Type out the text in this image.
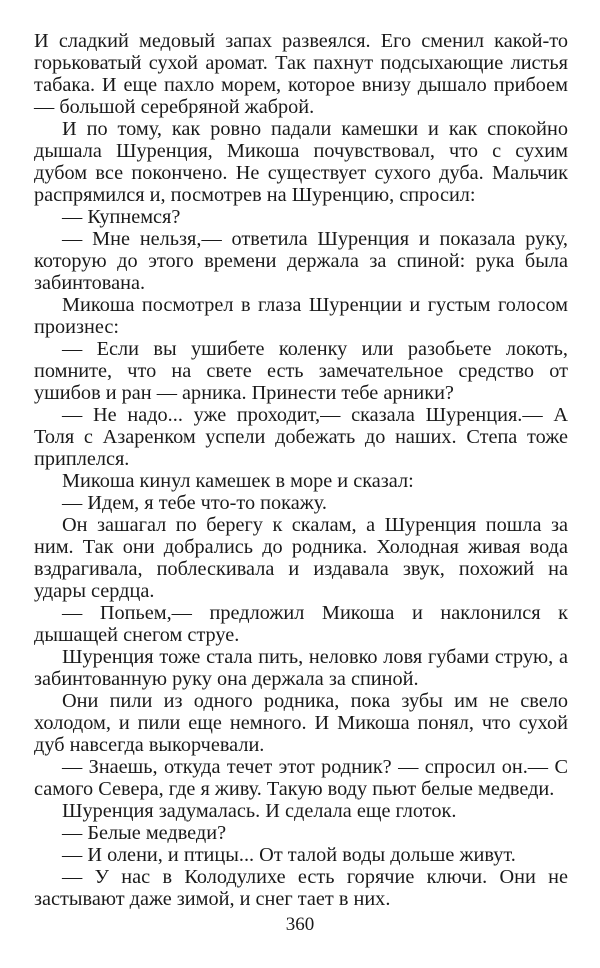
И сладкий медовый запах развеялся. Его сменил какой-то горьковатый сухой аромат. Так пахнут подсыхающие листья табака. И еще пахло морем, которое внизу дышало прибоем — большой серебряной жаброй.

И по тому, как ровно падали камешки и как спокойно дышала Шуренция, Микоша почувствовал, что с сухим дубом все покончено. Не существует сухого дуба. Мальчик распрямился и, посмотрев на Шуренцию, спросил:

— Купнемся?

— Мне нельзя,— ответила Шуренция и показала руку, которую до этого времени держала за спиной: рука была забинтована.

Микоша посмотрел в глаза Шуренции и густым голосом произнес:

— Если вы ушибете коленку или разобьете локоть, помните, что на свете есть замечательное средство от ушибов и ран — арника. Принести тебе арники?

— Не надо... уже проходит,— сказала Шуренция.— А Толя с Азаренком успели добежать до наших. Степа тоже приплелся.

Микоша кинул камешек в море и сказал:

— Идем, я тебе что-то покажу.

Он зашагал по берегу к скалам, а Шуренция пошла за ним. Так они добрались до родника. Холодная живая вода вздрагивала, поблескивала и издавала звук, похожий на удары сердца.

— Попьем,— предложил Микоша и наклонился к дышащей снегом струе.

Шуренция тоже стала пить, неловко ловя губами струю, а забинтованную руку она держала за спиной.

Они пили из одного родника, пока зубы им не свело холодом, и пили еще немного. И Микоша понял, что сухой дуб навсегда выкорчевали.

— Знаешь, откуда течет этот родник? — спросил он.— С самого Севера, где я живу. Такую воду пьют белые медведи.

Шуренция задумалась. И сделала еще глоток.

— Белые медведи?

— И олени, и птицы... От талой воды дольше живут.

— У нас в Колодулихе есть горячие ключи. Они не застывают даже зимой, и снег тает в них.

360
